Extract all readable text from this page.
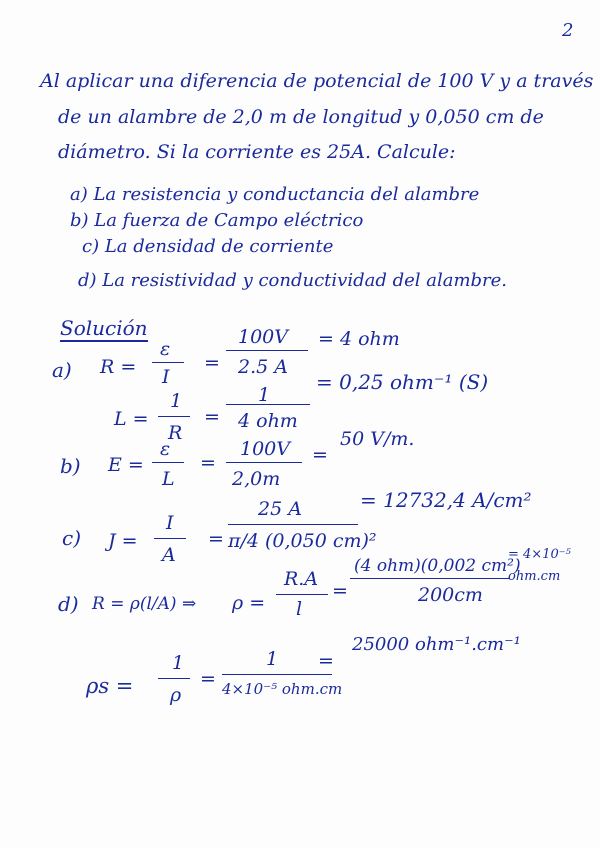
2
Al aplicar una diferencia de potencial de 100 V y a través
de un alambre de 2,0 m de longitud y 0,050 cm de
diámetro. Si la corriente es 25A. Calcule:
a) La resistencia y conductancia del alambre
b) La fuerza de Campo eléctrico
c) La densidad de corriente
d) La resistividad y conductividad del alambre.
Solución
a) R =
ε
I
=
100V
2.5 A
= 4 ohm
L =
1
R
=
1
4 ohm
= 0,25 ohm⁻¹ (S)
b) E =
ε
L
=
100V
2,0m
=
50 V/m.
c) J =
I
A
=
25 A
π/4 (0,050 cm)²
= 12732,4 A/cm²
d) R = ρ(l/A) ⇒ ρ =
R.A
l
=
(4 ohm)(0,002 cm²)
200cm
= 4×10⁻⁵ ohm.cm
ρs =
1
ρ
=
1
4×10⁻⁵ ohm.cm
=
25000 ohm⁻¹.cm⁻¹
